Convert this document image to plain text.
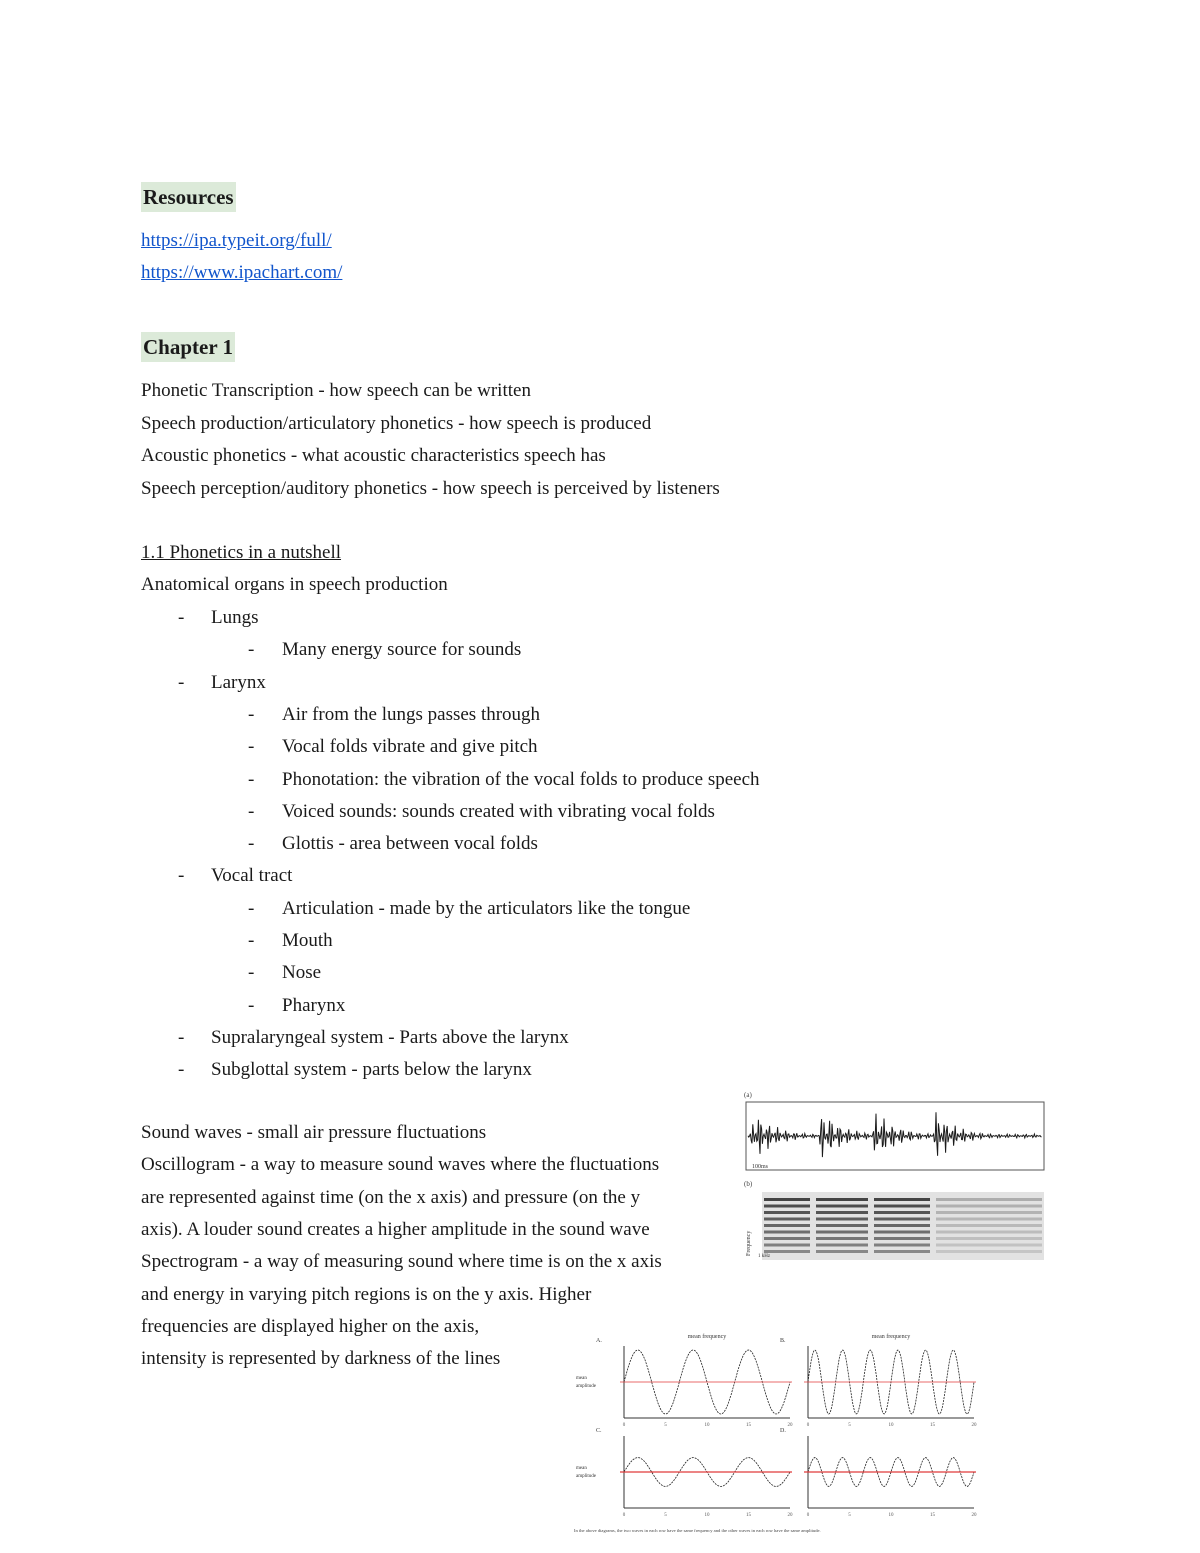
Resources
https://ipa.typeit.org/full/
https://www.ipachart.com/
Chapter 1
Phonetic Transcription - how speech can be written
Speech production/articulatory phonetics - how speech is produced
Acoustic phonetics - what acoustic characteristics speech has
Speech perception/auditory phonetics - how speech is perceived by listeners
1.1 Phonetics in a nutshell
Anatomical organs in speech production
- Lungs
- Many energy source for sounds
- Larynx
- Air from the lungs passes through
- Vocal folds vibrate and give pitch
- Phonotation: the vibration of the vocal folds to produce speech
- Voiced sounds: sounds created with vibrating vocal folds
- Glottis - area between vocal folds
- Vocal tract
- Articulation - made by the articulators like the tongue
- Mouth
- Nose
- Pharynx
- Supralaryngeal system - Parts above the larynx
- Subglottal system - parts below the larynx
Sound waves - small air pressure fluctuations
Oscillogram - a way to measure sound waves where the fluctuations
are represented against time (on the x axis) and pressure (on the y
axis). A louder sound creates a higher amplitude in the sound wave
Spectrogram - a way of measuring sound where time is on the x axis
and energy in varying pitch regions is on the y axis. Higher
frequencies are displayed higher on the axis,
intensity is represented by darkness of the lines
(a)
100ms
(b)
Frequency
1 kHz
A.
mean frequency
0	5	10	15	20
mean
amplitude
B.
mean frequency
0	5	10	15	20
C.
0	5	10	15	20
mean
amplitude
D.
0	5	10	15	20
In the above diagrams, the two waves in each row have the same frequency and the other waves in each row have the same amplitude.
